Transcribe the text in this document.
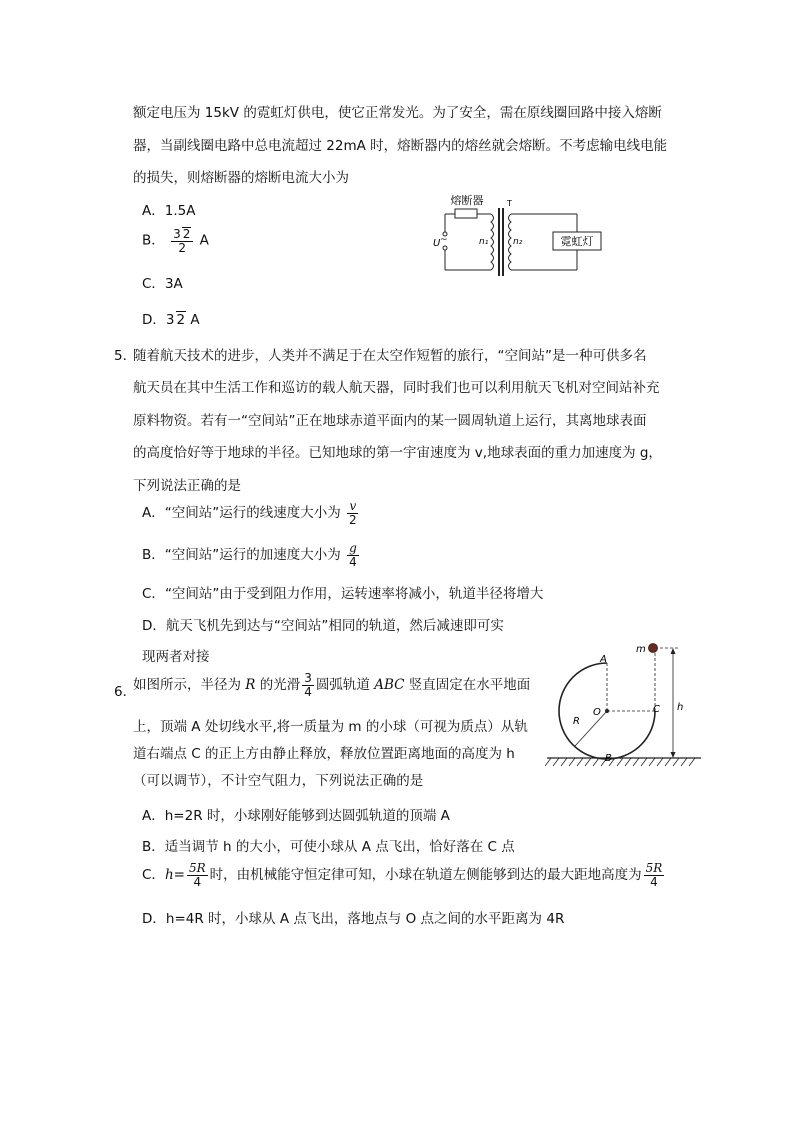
额定电压为 15kV 的霓虹灯供电，使它正常发光。为了安全，需在原线圈回路中接入熔断
器，当副线圈电路中总电流超过 22mA 时，熔断器内的熔丝就会熔断。不考虑输电线电能
的损失，则熔断器的熔断电流大小为
A．1.5A
B． $\frac{3 2}{2}$ A
C．3A
D．3 2 A
霓虹灯
熔断器
U ~	n₁	n₂
T
5．
随着航天技术的进步，人类并不满足于在太空作短暂的旅行，“空间站”是一种可供多名
航天员在其中生活工作和巡访的载人航天器，同时我们也可以利用航天飞机对空间站补充
原料物资。若有一“空间站”正在地球赤道平面内的某一圆周轨道上运行，其离地球表面
的高度恰好等于地球的半径。已知地球的第一宇宙速度为 v,地球表面的重力加速度为 g，
下列说法正确的是
A．“空间站”运行的线速度大小为 $\frac{v}{2}$
B．“空间站”运行的加速度大小为 $\frac{g}{4}$
C．“空间站”由于受到阻力作用，运转速率将减小，轨道半径将增大
D．航天飞机先到达与“空间站”相同的轨道，然后减速即可实
现两者对接
6．
如图所示，半径为 R 的光滑 $\frac{3}{4}$ 圆弧轨道 ABC 竖直固定在水平地面
上，顶端 A 处切线水平,将一质量为 m 的小球（可视为质点）从轨
道右端点 C 的正上方由静止释放，释放位置距离地面的高度为 h
（可以调节），不计空气阻力，下列说法正确的是
A．h=2R 时，小球刚好能够到达圆弧轨道的顶端 A
B．适当调节 h 的大小，可使小球从 A 点飞出，恰好落在 C 点
C．$h= \frac{5R}{4}$ 时，由机械能守恒定律可知，小球在轨道左侧能够到达的最大距地高度为 $\frac{5R}{4}$
D．h=4R 时，小球从 A 点飞出，落地点与 O 点之间的水平距离为 4R
m
A
O	C
R
B
h
